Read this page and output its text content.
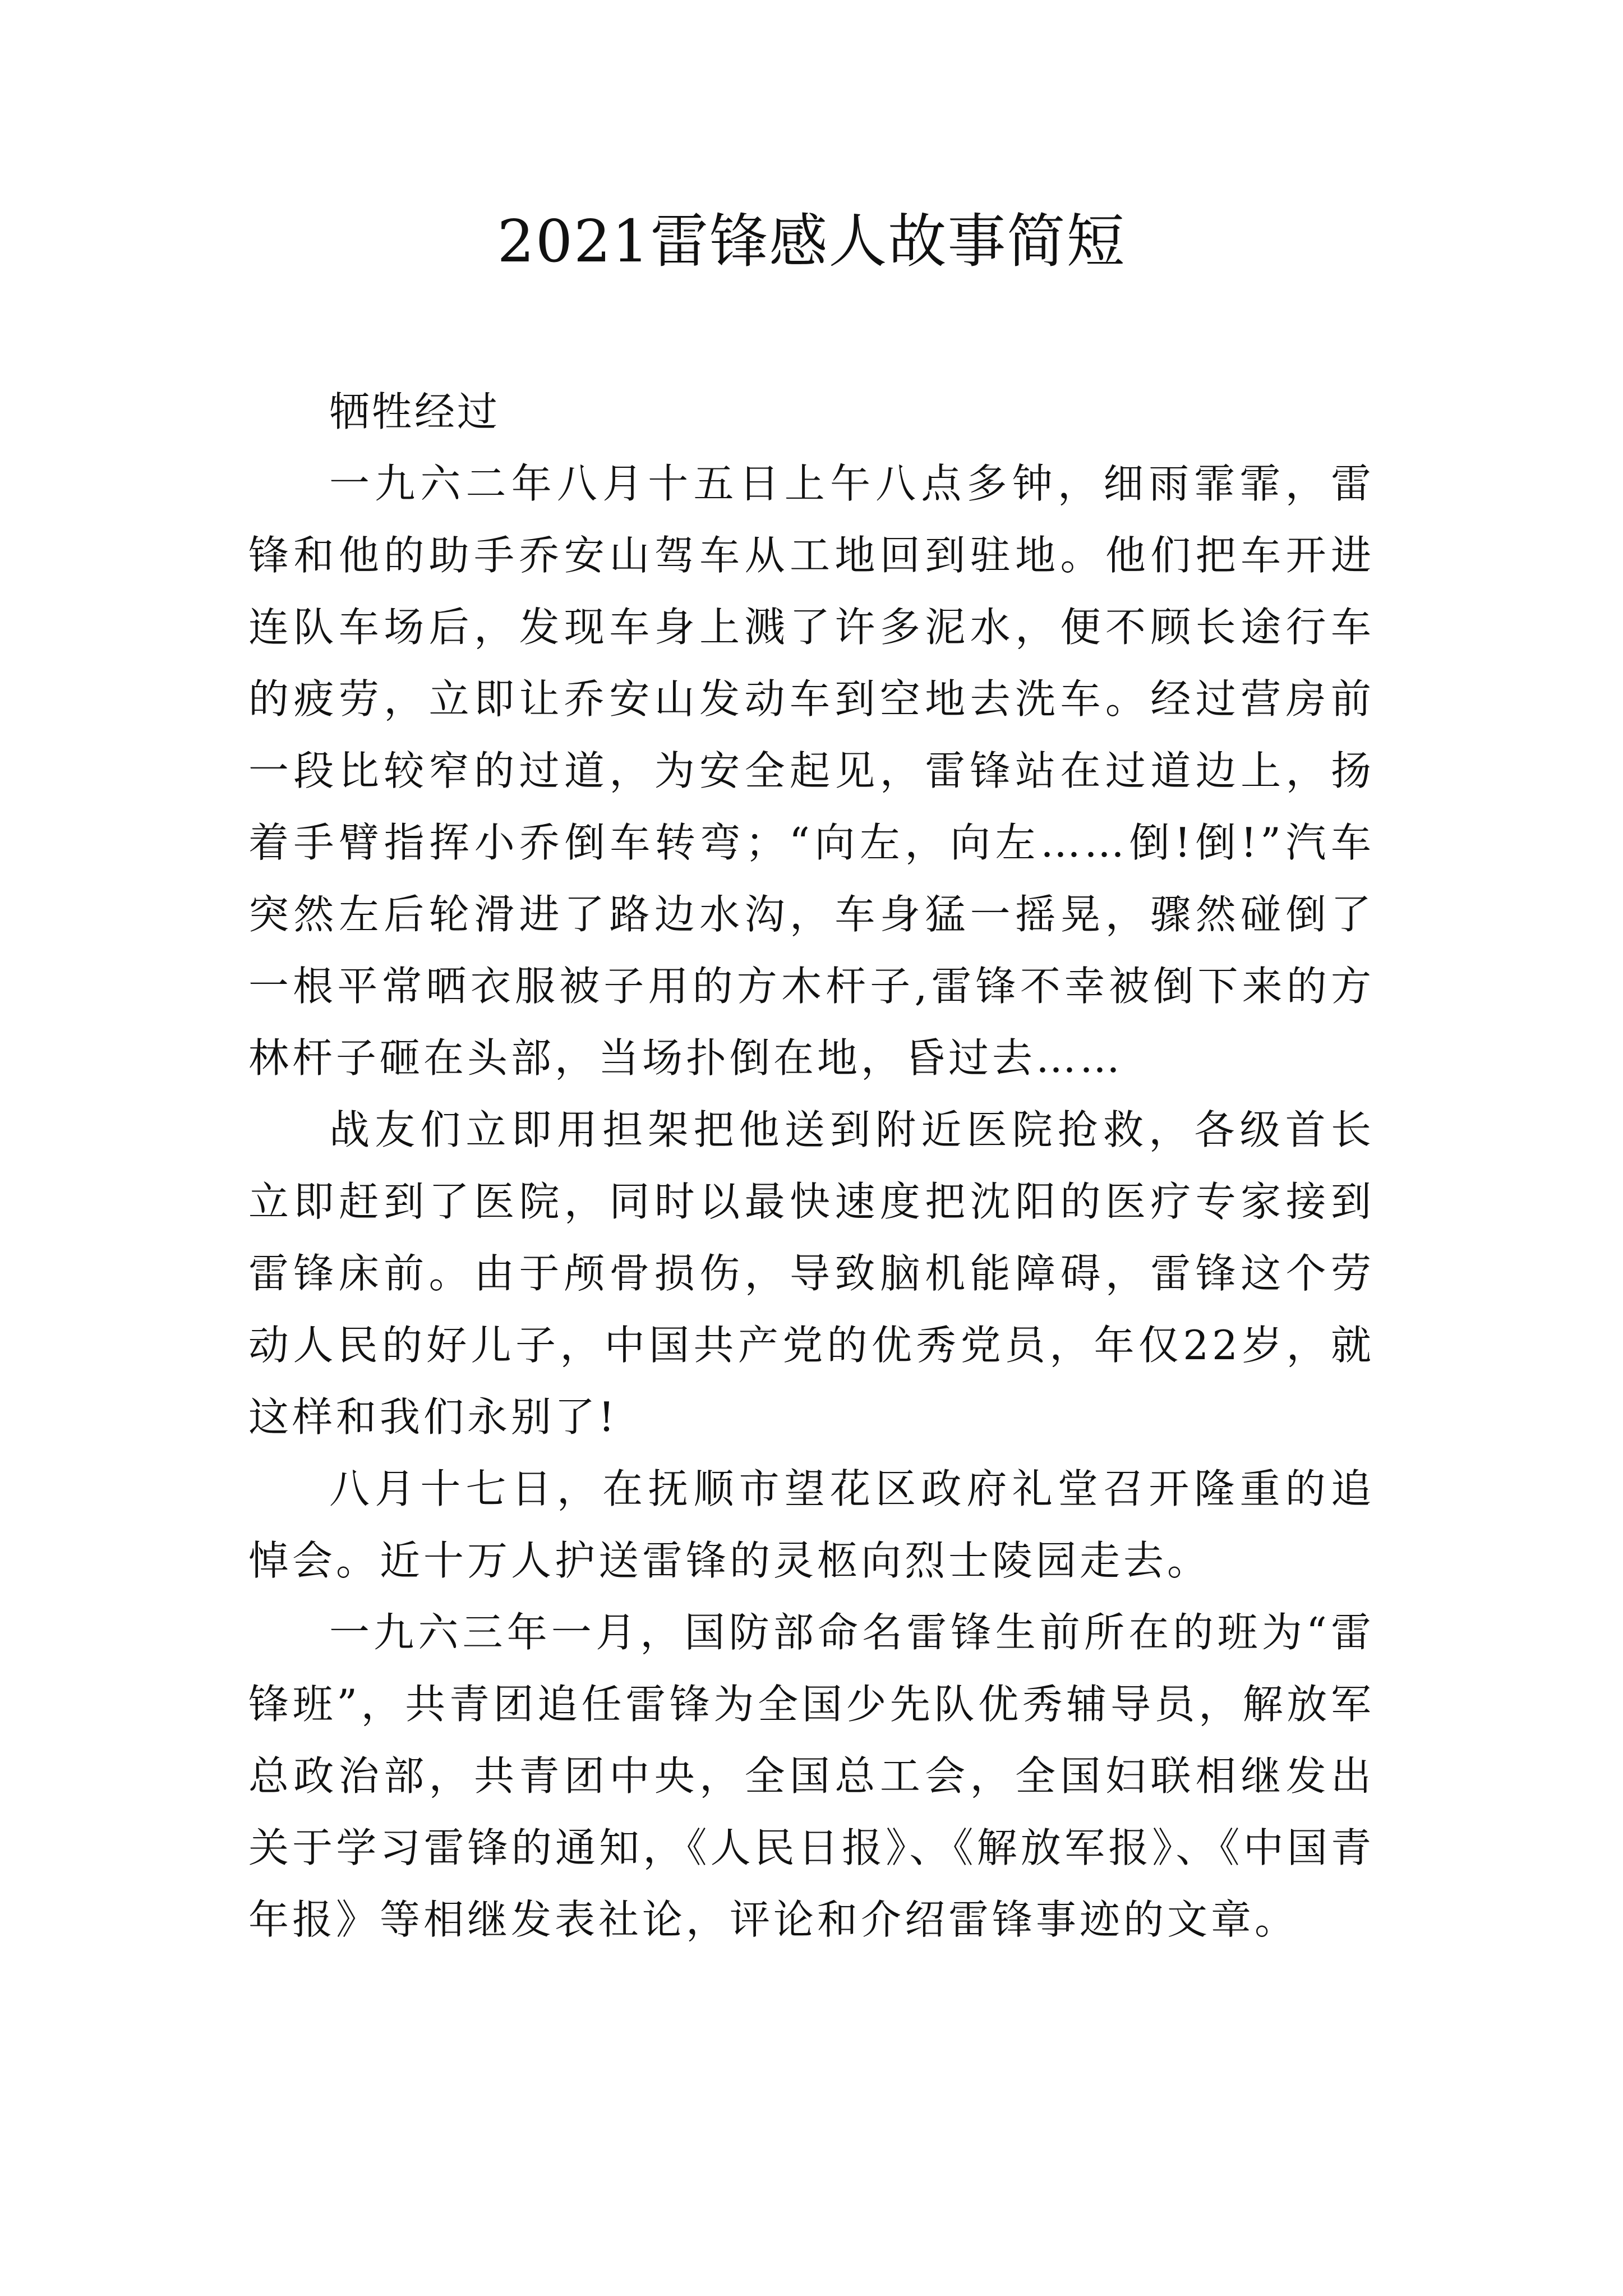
2021雷锋感人故事简短

牺牲经过

一九六二年八月十五日上午八点多钟，细雨霏霏，雷锋和他的助手乔安山驾车从工地回到驻地。他们把车开进连队车场后，发现车身上溅了许多泥水，便不顾长途行车的疲劳，立即让乔安山发动车到空地去洗车。经过营房前一段比较窄的过道，为安全起见，雷锋站在过道边上，扬着手臂指挥小乔倒车转弯；“向左，向左……倒!倒!”汽车突然左后轮滑进了路边水沟，车身猛一摇晃，骤然碰倒了一根平常晒衣服被子用的方木杆子,雷锋不幸被倒下来的方林杆子砸在头部，当场扑倒在地，昏过去……

战友们立即用担架把他送到附近医院抢救，各级首长立即赶到了医院，同时以最快速度把沈阳的医疗专家接到雷锋床前。由于颅骨损伤，导致脑机能障碍，雷锋这个劳动人民的好儿子，中国共产党的优秀党员，年仅22岁，就这样和我们永别了!

八月十七日，在抚顺市望花区政府礼堂召开隆重的追悼会。近十万人护送雷锋的灵柩向烈士陵园走去。

一九六三年一月，国防部命名雷锋生前所在的班为“雷锋班”，共青团追任雷锋为全国少先队优秀辅导员，解放军总政治部，共青团中央，全国总工会，全国妇联相继发出关于学习雷锋的通知，《人民日报》、《解放军报》、《中国青年报》等相继发表社论，评论和介绍雷锋事迹的文章。
